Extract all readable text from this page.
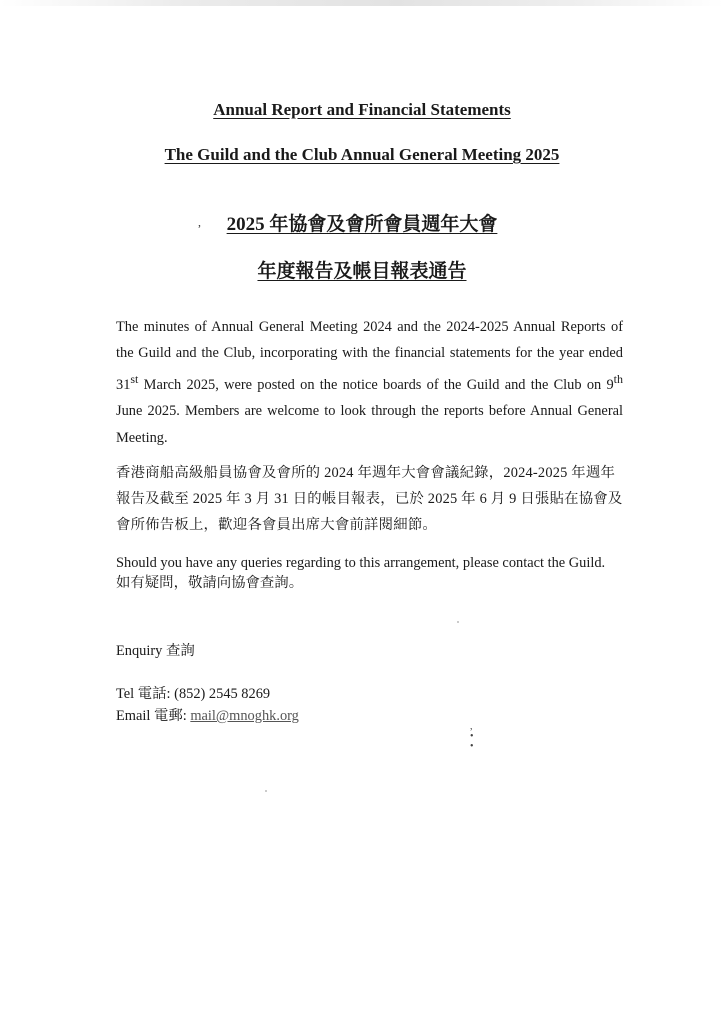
Annual Report and Financial Statements
The Guild and the Club Annual General Meeting 2025
,	2025 年協會及會所會員週年大會
年度報告及帳目報表通告

The minutes of Annual General Meeting 2024 and the 2024-2025 Annual Reports of the Guild and the Club, incorporating with the financial statements for the year ended 31st March 2025, were posted on the notice boards of the Guild and the Club on 9th June 2025. Members are welcome to look through the reports before Annual General Meeting.

香港商船高級船員協會及會所的 2024 年週年大會會議紀錄，2024-2025 年週年報告及截至 2025 年 3 月 31 日的帳目報表，已於 2025 年 6 月 9 日張貼在協會及會所佈告板上，歡迎各會員出席大會前詳閱細節。

Should you have any queries regarding to this arrangement, please contact the Guild.

如有疑問，敬請向協會查詢。

Enquiry 查詢
Tel 電話: (852) 2545 8269
Email 電郵: mail@mnoghk.org
,
•
•
